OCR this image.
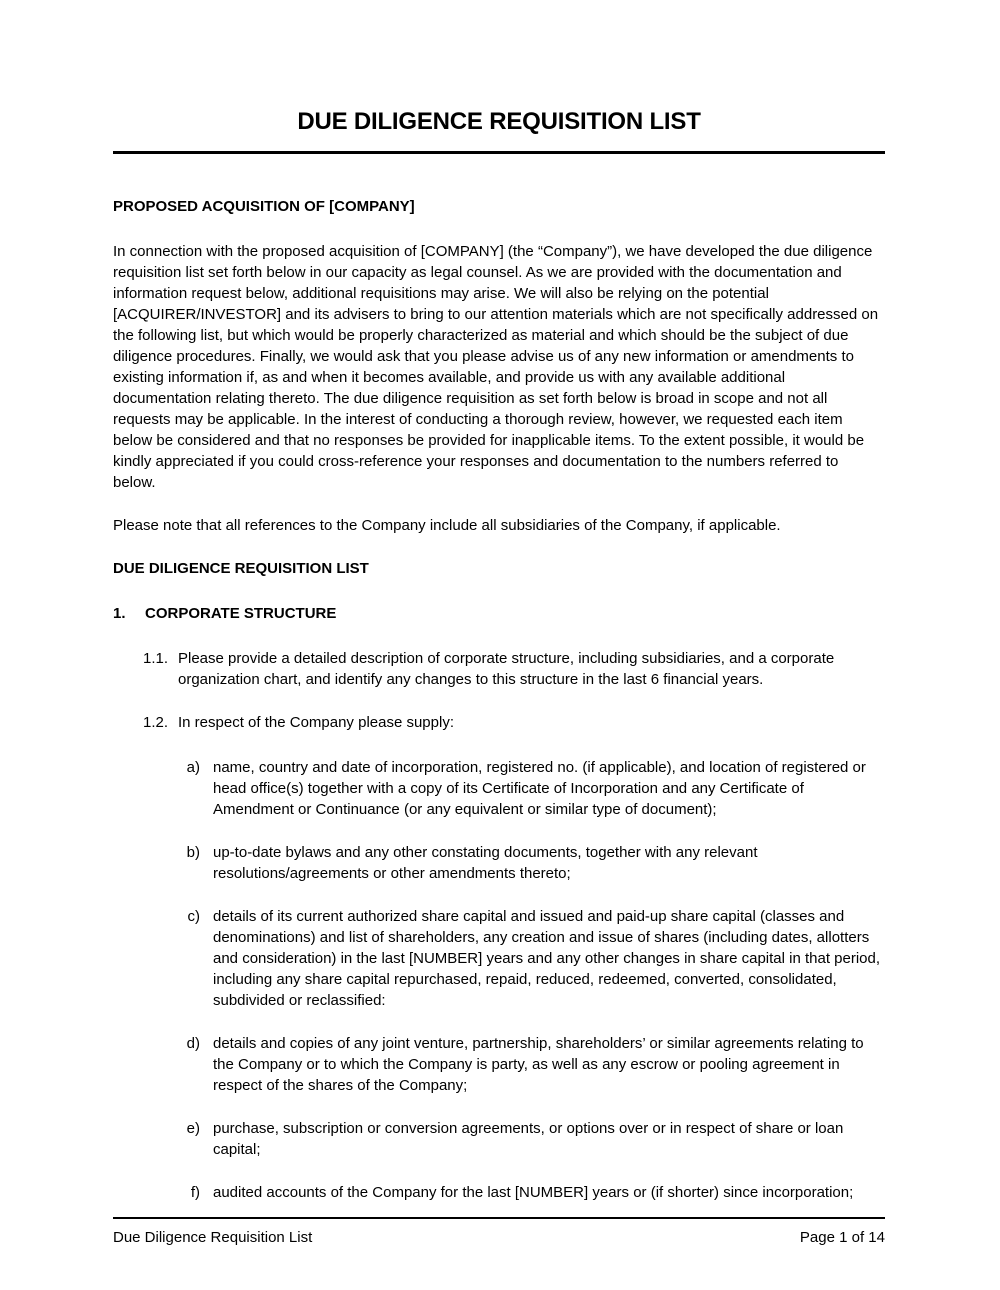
DUE DILIGENCE REQUISITION LIST
PROPOSED ACQUISITION OF [COMPANY]

In connection with the proposed acquisition of [COMPANY] (the “Company”), we have developed the due diligence requisition list set forth below in our capacity as legal counsel. As we are provided with the documentation and information request below, additional requisitions may arise. We will also be relying on the potential [ACQUIRER/INVESTOR] and its advisers to bring to our attention materials which are not specifically addressed on the following list, but which would be properly characterized as material and which should be the subject of due diligence procedures. Finally, we would ask that you please advise us of any new information or amendments to existing information if, as and when it becomes available, and provide us with any available additional documentation relating thereto. The due diligence requisition as set forth below is broad in scope and not all requests may be applicable. In the interest of conducting a thorough review, however, we requested each item below be considered and that no responses be provided for inapplicable items. To the extent possible, it would be kindly appreciated if you could cross-reference your responses and documentation to the numbers referred to below.

Please note that all references to the Company include all subsidiaries of the Company, if applicable.

DUE DILIGENCE REQUISITION LIST
1.	CORPORATE STRUCTURE
1.1. Please provide a detailed description of corporate structure, including subsidiaries, and a corporate organization chart, and identify any changes to this structure in the last 6 financial years.
1.2. In respect of the Company please supply:
a) name, country and date of incorporation, registered no. (if applicable), and location of registered or head office(s) together with a copy of its Certificate of Incorporation and any Certificate of Amendment or Continuance (or any equivalent or similar type of document);
b) up-to-date bylaws and any other constating documents, together with any relevant resolutions/agreements or other amendments thereto;
c) details of its current authorized share capital and issued and paid-up share capital (classes and denominations) and list of shareholders, any creation and issue of shares (including dates, allotters and consideration) in the last [NUMBER] years and any other changes in share capital in that period, including any share capital repurchased, repaid, reduced, redeemed, converted, consolidated, subdivided or reclassified:
d) details and copies of any joint venture, partnership, shareholders’ or similar agreements relating to the Company or to which the Company is party, as well as any escrow or pooling agreement in respect of the shares of the Company;
e) purchase, subscription or conversion agreements, or options over or in respect of share or loan capital;
f) audited accounts of the Company for the last [NUMBER] years or (if shorter) since incorporation;
Due Diligence Requisition List	Page 1 of 14
